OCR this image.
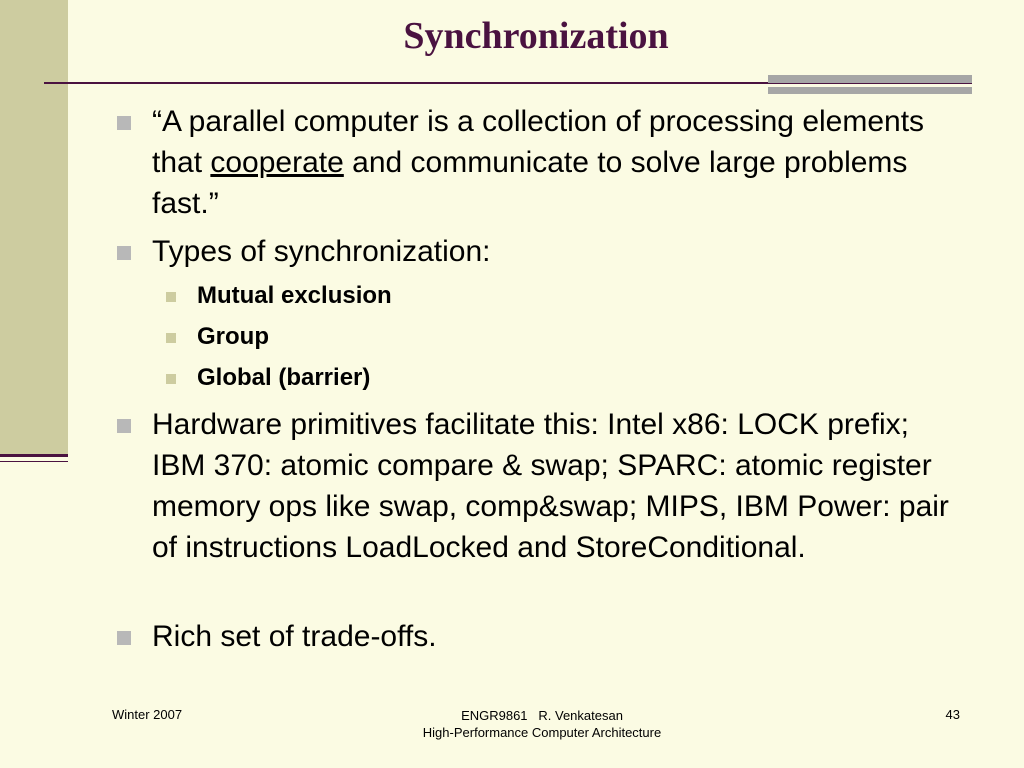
Synchronization
“A parallel computer is a collection of processing elements that cooperate and communicate to solve large problems fast.”
Types of synchronization:
Mutual exclusion
Group
Global (barrier)
Hardware primitives facilitate this: Intel x86: LOCK prefix; IBM 370: atomic compare & swap; SPARC: atomic register memory ops like swap, comp&swap; MIPS, IBM Power: pair of instructions LoadLocked and StoreConditional.
Rich set of trade-offs.
Winter 2007	ENGR9861   R. Venkatesan
High-Performance Computer Architecture
43
